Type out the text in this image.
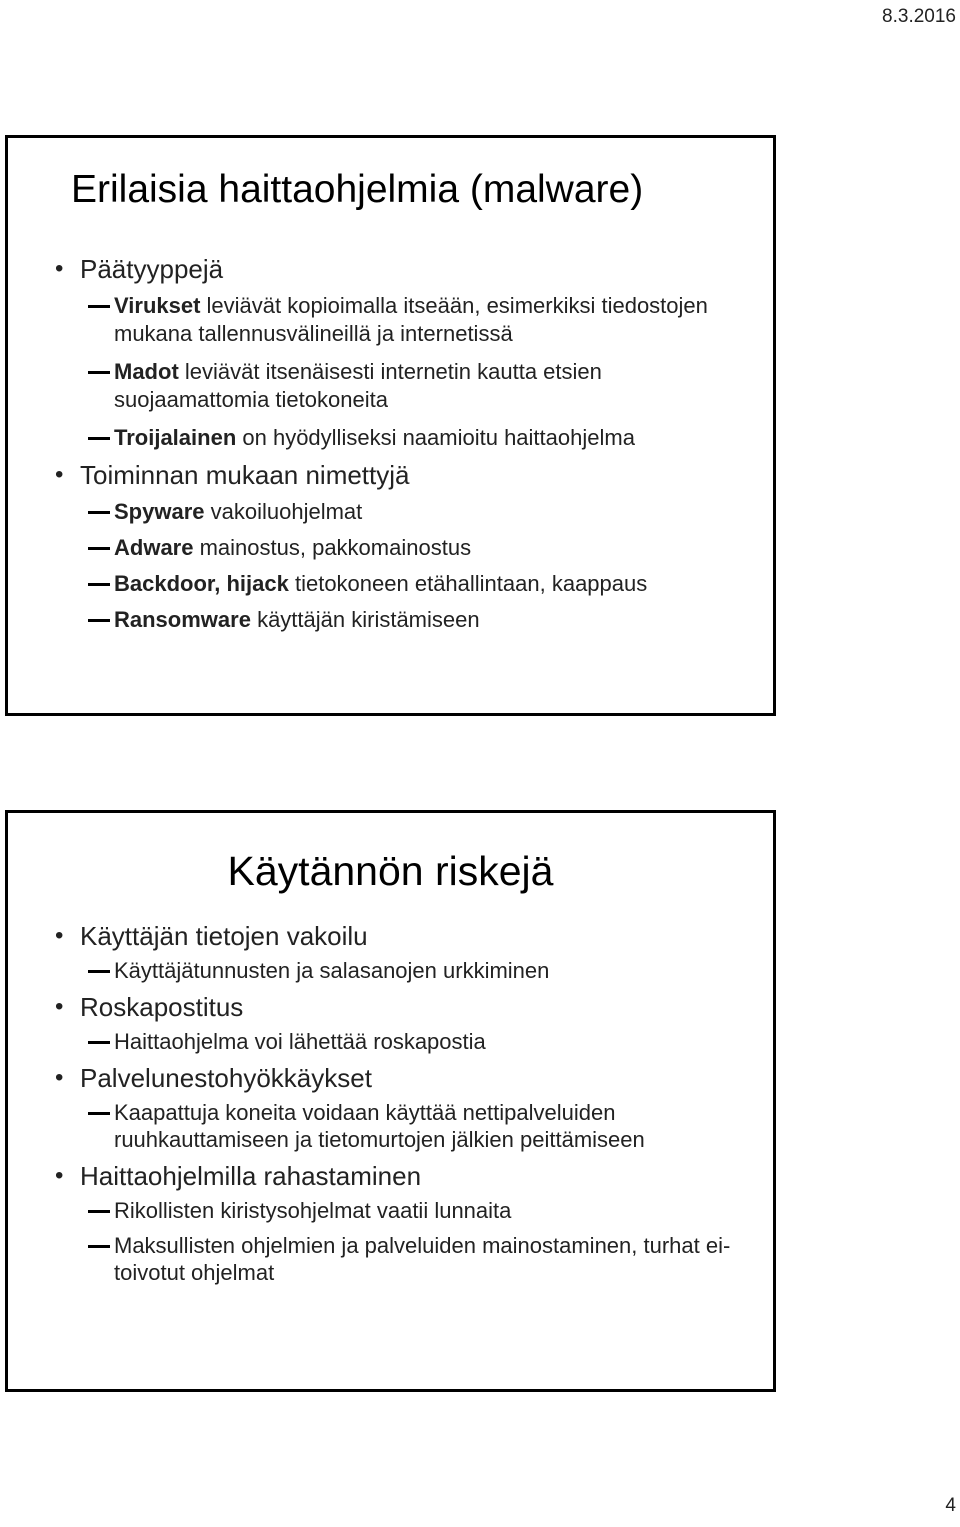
8.3.2016
Erilaisia haittaohjelmia (malware)
• Päätyyppejä
Virukset leviävät kopioimalla itseään, esimerkiksi tiedostojen mukana tallennusvälineillä ja internetissä
Madot leviävät itsenäisesti internetin kautta etsien suojaamattomia tietokoneita
Troijalainen on hyödylliseksi naamioitu haittaohjelma
• Toiminnan mukaan nimettyjä
Spyware vakoiluohjelmat
Adware mainostus, pakkomainostus
Backdoor, hijack tietokoneen etähallintaan, kaappaus
Ransomware käyttäjän kiristämiseen
Käytännön riskejä
• Käyttäjän tietojen vakoilu
Käyttäjätunnusten ja salasanojen urkkiminen
• Roskapostitus
Haittaohjelma voi lähettää roskapostia
• Palvelunestohyökkäykset
Kaapattuja koneita voidaan käyttää nettipalveluiden ruuhkauttamiseen ja tietomurtojen jälkien peittämiseen
• Haittaohjelmilla rahastaminen
Rikollisten kiristysohjelmat vaatii lunnaita
Maksullisten ohjelmien ja palveluiden mainostaminen, turhat ei-toivotut ohjelmat
4
